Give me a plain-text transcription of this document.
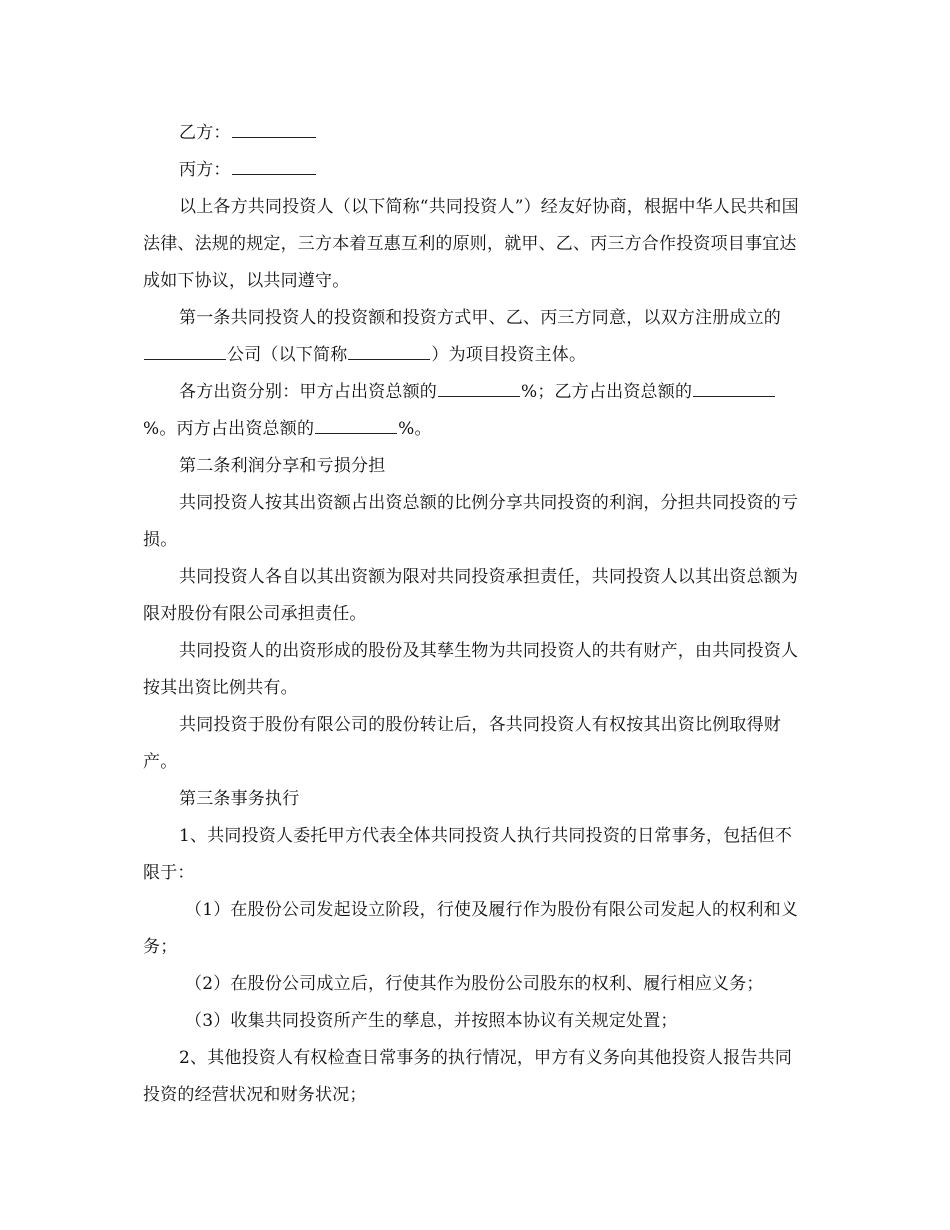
乙方：

丙方：

以上各方共同投资人（以下简称“共同投资人”）经友好协商，根据中华人民共和国法律、法规的规定，三方本着互惠互利的原则，就甲、乙、丙三方合作投资项目事宜达成如下协议，以共同遵守。

第一条共同投资人的投资额和投资方式甲、乙、丙三方同意，以双方注册成立的公司（以下简称	）为项目投资主体。

各方出资分别：甲方占出资总额的	%；乙方占出资总额的%。丙方占出资总额的	%。

第二条利润分享和亏损分担

共同投资人按其出资额占出资总额的比例分享共同投资的利润，分担共同投资的亏损。

共同投资人各自以其出资额为限对共同投资承担责任，共同投资人以其出资总额为限对股份有限公司承担责任。

共同投资人的出资形成的股份及其孳生物为共同投资人的共有财产，由共同投资人按其出资比例共有。

共同投资于股份有限公司的股份转让后，各共同投资人有权按其出资比例取得财产。

第三条事务执行

1、共同投资人委托甲方代表全体共同投资人执行共同投资的日常事务，包括但不限于：

（1）在股份公司发起设立阶段，行使及履行作为股份有限公司发起人的权利和义务；

（2）在股份公司成立后，行使其作为股份公司股东的权利、履行相应义务；

（3）收集共同投资所产生的孳息，并按照本协议有关规定处置；

2、其他投资人有权检查日常事务的执行情况，甲方有义务向其他投资人报告共同投资的经营状况和财务状况；
